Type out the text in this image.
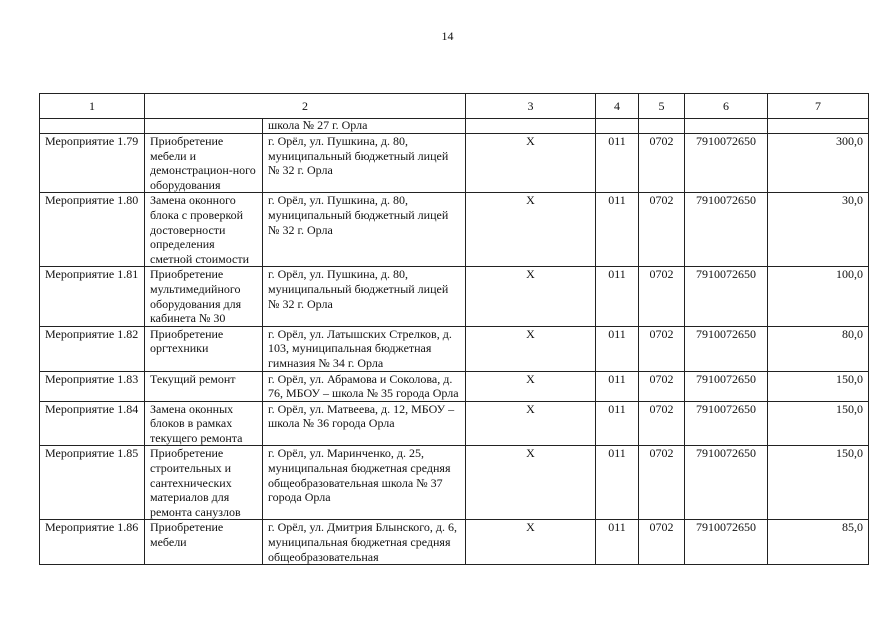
14
1	2		3	4	5	6	7
		школа № 27 г. Орла					
Мероприятие 1.79	Приобретение мебели и демонстрацион-ного оборудования	г. Орёл, ул. Пушкина, д. 80, муниципальный бюджетный лицей № 32 г. Орла	Х	011	0702	7910072650	300,0
Мероприятие 1.80	Замена оконного блока с проверкой достоверности определения сметной стоимости	г. Орёл, ул. Пушкина, д. 80, муниципальный бюджетный лицей № 32 г. Орла	Х	011	0702	7910072650	30,0
Мероприятие 1.81	Приобретение мультимедийного оборудования для кабинета № 30	г. Орёл, ул. Пушкина, д. 80, муниципальный бюджетный лицей № 32 г. Орла	Х	011	0702	7910072650	100,0
Мероприятие 1.82	Приобретение оргтехники	г. Орёл, ул. Латышских Стрелков, д. 103, муниципальная бюджетная гимназия № 34 г. Орла	Х	011	0702	7910072650	80,0
Мероприятие 1.83	Текущий ремонт	г. Орёл, ул. Абрамова и Соколова, д. 76, МБОУ – школа № 35 города Орла	Х	011	0702	7910072650	150,0
Мероприятие 1.84	Замена оконных блоков в рамках текущего ремонта	г. Орёл, ул. Матвеева, д. 12, МБОУ – школа № 36 города Орла	Х	011	0702	7910072650	150,0
Мероприятие 1.85	Приобретение строительных и сантехнических материалов для ремонта санузлов	г. Орёл, ул. Маринченко, д. 25, муниципальная бюджетная средняя общеобразовательная школа № 37 города Орла	Х	011	0702	7910072650	150,0
Мероприятие 1.86	Приобретение мебели	г. Орёл, ул. Дмитрия Блынского, д. 6, муниципальная бюджетная средняя общеобразовательная	Х	011	0702	7910072650	85,0
